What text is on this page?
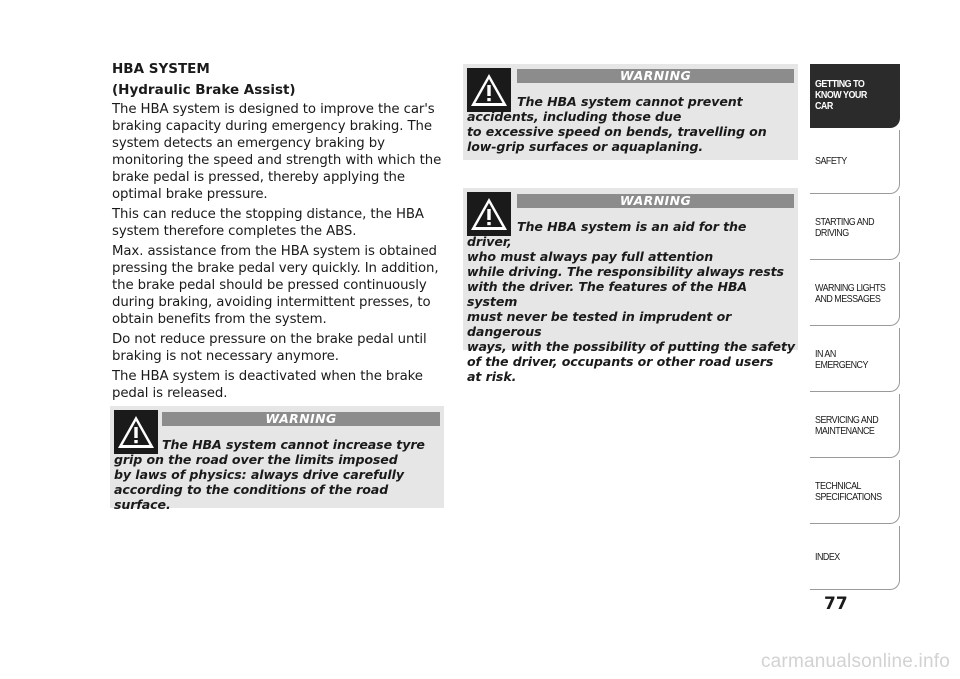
HBA SYSTEM
(Hydraulic Brake Assist)

The HBA system is designed to improve the car's braking capacity during emergency braking. The system detects an emergency braking by monitoring the speed and strength with which the brake pedal is pressed, thereby applying the optimal brake pressure.

This can reduce the stopping distance, the HBA system therefore completes the ABS.

Max. assistance from the HBA system is obtained pressing the brake pedal very quickly. In addition, the brake pedal should be pressed continuously during braking, avoiding intermittent presses, to obtain benefits from the system.

Do not reduce pressure on the brake pedal until braking is not necessary anymore.

The HBA system is deactivated when the brake pedal is released.

WARNING
The HBA system cannot increase tyre
grip on the road over the limits imposed
by laws of physics: always drive carefully
according to the conditions of the road surface.
WARNING
The HBA system cannot prevent
accidents, including those due
to excessive speed on bends, travelling on
low-grip surfaces or aquaplaning.
WARNING
The HBA system is an aid for the driver,
who must always pay full attention
while driving. The responsibility always rests
with the driver. The features of the HBA system
must never be tested in imprudent or dangerous
ways, with the possibility of putting the safety
of the driver, occupants or other road users
at risk.
GETTING TO
KNOW YOUR CAR
SAFETY
STARTING AND
DRIVING
WARNING LIGHTS
AND MESSAGES
IN AN EMERGENCY
SERVICING AND
MAINTENANCE
TECHNICAL
SPECIFICATIONS
INDEX
77
carmanualsonline.info
